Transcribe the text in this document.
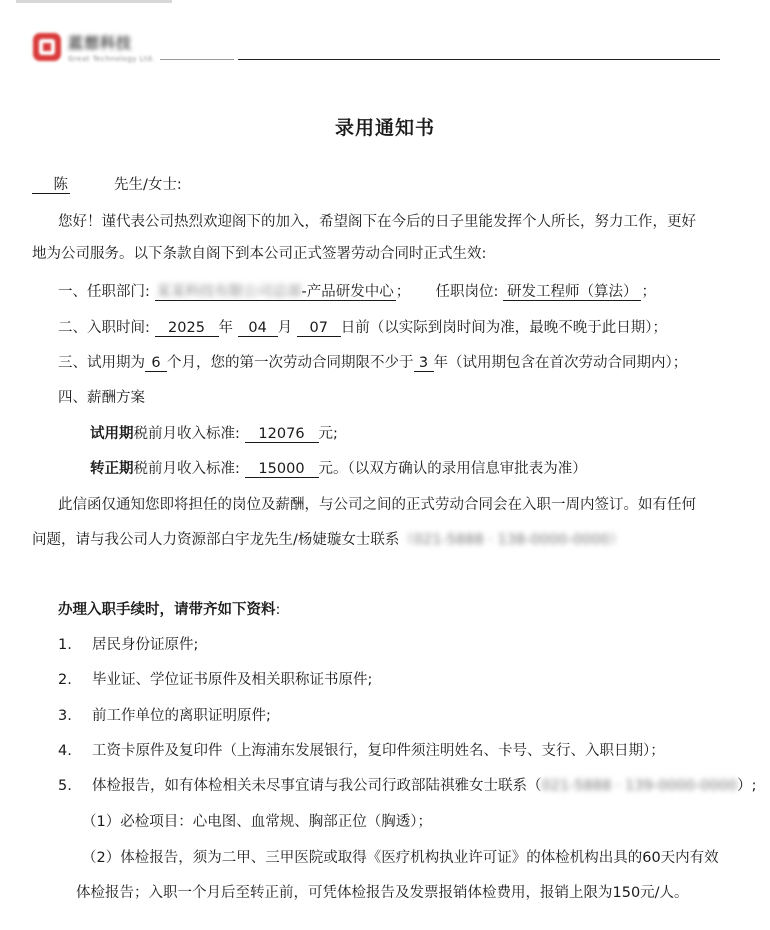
蓝想科技
Great Technology Ltd.
录用通知书
陈	先生/女士:
您好！谨代表公司热烈欢迎阁下的加入，希望阁下在今后的日子里能发挥个人所长，努力工作，更好
地为公司服务。以下条款自阁下到本公司正式签署劳动合同时正式生效:
一、任职部门: 某某科技有限公司总部-产品研发中心 ； 任职岗位: 研发工程师（算法） ；
二、入职时间: 2025 年 04 月 07 日前（以实际到岗时间为准，最晚不晚于此日期）；
三、试用期为 6 个月，您的第一次劳动合同期限不少于 3 年（试用期包含在首次劳动合同期内）；
四、薪酬方案
试用期税前月收入标准: 12076 元;
转正期税前月收入标准: 15000 元。（以双方确认的录用信息审批表为准）
此信函仅通知您即将担任的岗位及薪酬，与公司之间的正式劳动合同会在入职一周内签订。如有任何
问题，请与我公司人力资源部白宇龙先生/杨婕璇女士联系（021-5888 · 138-0000-0000）
办理入职手续时，请带齐如下资料:
1. 居民身份证原件;
2. 毕业证、学位证书原件及相关职称证书原件;
3. 前工作单位的离职证明原件;
4. 工资卡原件及复印件（上海浦东发展银行，复印件须注明姓名、卡号、支行、入职日期）；
5. 体检报告，如有体检相关未尽事宜请与我公司行政部陆祺雅女士联系（021-5888 · 139-0000-0000）;
（1）必检项目：心电图、血常规、胸部正位（胸透）；
（2）体检报告，须为二甲、三甲医院或取得《医疗机构执业许可证》的体检机构出具的60天内有效
体检报告；入职一个月后至转正前，可凭体检报告及发票报销体检费用，报销上限为150元/人。
